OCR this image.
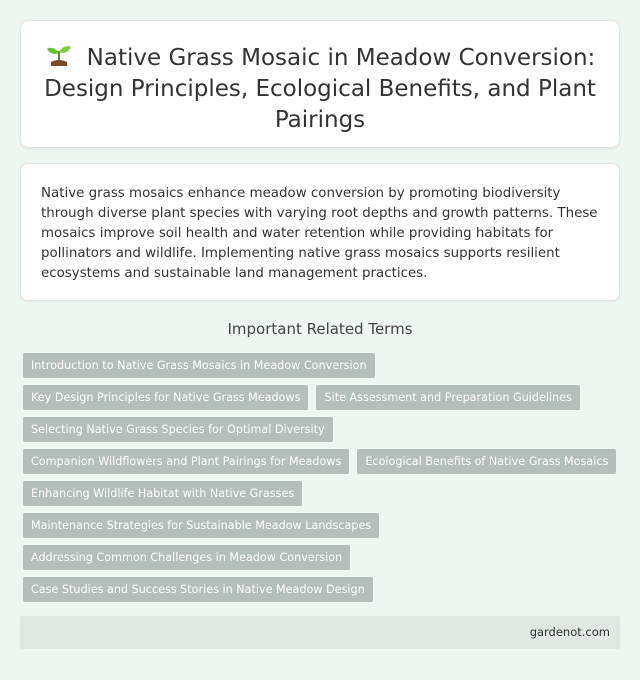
Native Grass Mosaic in Meadow Conversion: Design Principles, Ecological Benefits, and Plant Pairings

Native grass mosaics enhance meadow conversion by promoting biodiversity through diverse plant species with varying root depths and growth patterns. These mosaics improve soil health and water retention while providing habitats for pollinators and wildlife. Implementing native grass mosaics supports resilient ecosystems and sustainable land management practices.

Important Related Terms
Introduction to Native Grass Mosaics in Meadow Conversion
Key Design Principles for Native Grass Meadows	Site Assessment and Preparation Guidelines
Selecting Native Grass Species for Optimal Diversity
Companion Wildflowers and Plant Pairings for Meadows	Ecological Benefits of Native Grass Mosaics
Enhancing Wildlife Habitat with Native Grasses
Maintenance Strategies for Sustainable Meadow Landscapes
Addressing Common Challenges in Meadow Conversion
Case Studies and Success Stories in Native Meadow Design
gardenot.com
